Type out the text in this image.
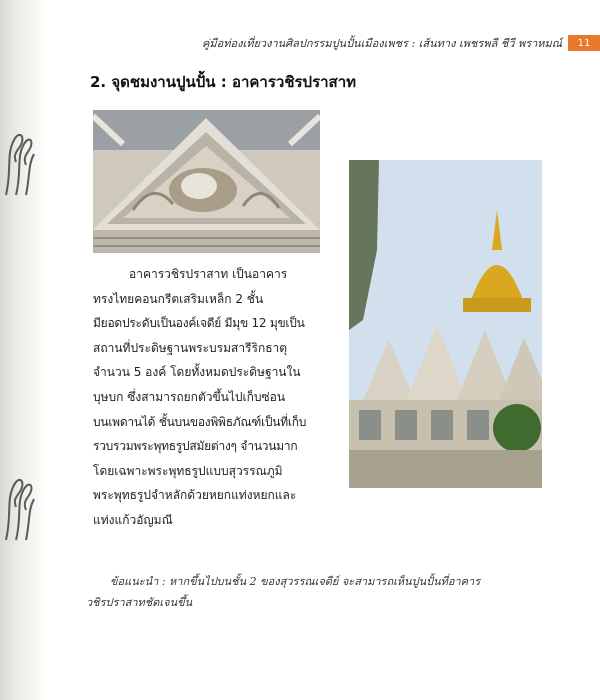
คู่มือท่องเที่ยวงานศิลปกรรมปูนปั้นเมืองเพชร : เส้นทาง เพชรพลี ชีวี พราหมณ์	11
2. จุดชมงานปูนปั้น : อาคารวชิรปราสาท

อาคารวชิรปราสาท เป็นอาคาร
ทรงไทยคอนกรีตเสริมเหล็ก 2 ชั้น
มียอดประดับเป็นองค์เจดีย์ มีมุข 12 มุขเป็น
สถานที่ประดิษฐานพระบรมสารีริกธาตุ
จำนวน 5 องค์ โดยทั้งหมดประดิษฐานใน
บุษบก ซึ่งสามารถยกตัวขึ้นไปเก็บซ่อน
บนเพดานได้ ชั้นบนของพิพิธภัณฑ์เป็นที่เก็บ
รวบรวมพระพุทธรูปสมัยต่างๆ จำนวนมาก
โดยเฉพาะพระพุทธรูปแบบสุวรรณภูมิ
พระพุทธรูปจำหลักด้วยหยกแท่งหยกและ
แท่งแก้วอัญมณี

ข้อแนะนำ : หากขึ้นไปบนชั้น 2 ของสุวรรณเจดีย์ จะสามารถเห็นปูนปั้นที่อาคาร
วชิรปราสาทชัดเจนขึ้น
